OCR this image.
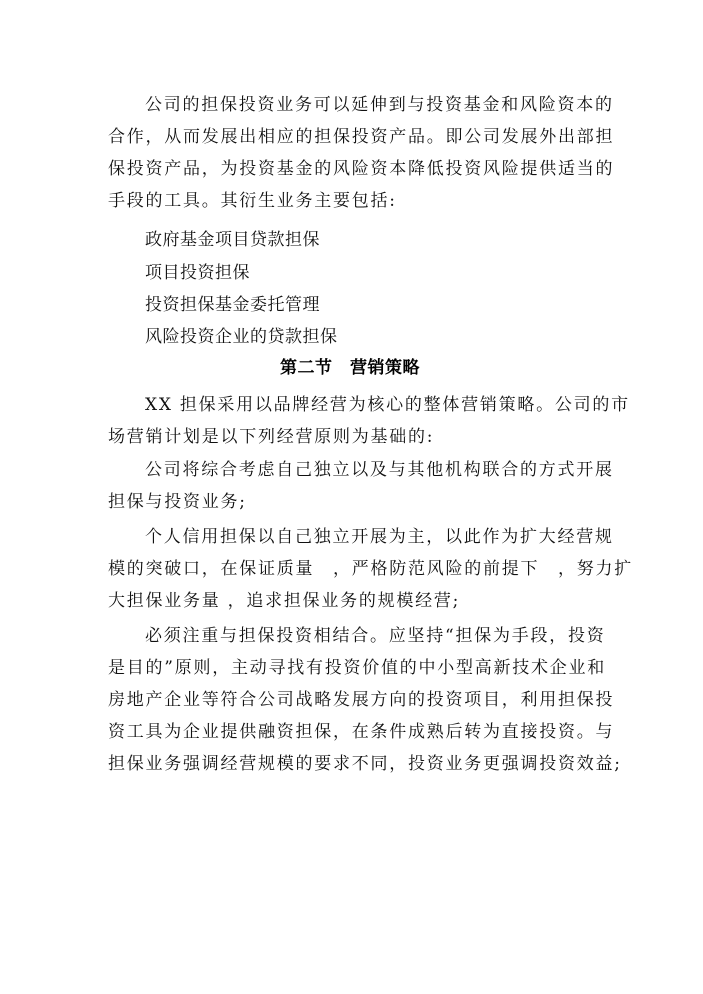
公司的担保投资业务可以延伸到与投资基金和风险资本的
合作，从而发展出相应的担保投资产品。即公司发展外出部担
保投资产品，为投资基金的风险资本降低投资风险提供适当的
手段的工具。其衍生业务主要包括:
政府基金项目贷款担保
项目投资担保
投资担保基金委托管理
风险投资企业的贷款担保
第二节　营销策略
XX 担保采用以品牌经营为核心的整体营销策略。公司的市
场营销计划是以下列经营原则为基础的:
公司将综合考虑自己独立以及与其他机构联合的方式开展
担保与投资业务;
个人信用担保以自己独立开展为主，以此作为扩大经营规
模的突破口，在保证质量　，严格防范风险的前提下　，努力扩
大担保业务量 ，追求担保业务的规模经营;
必须注重与担保投资相结合。应坚持“担保为手段，投资
是目的”原则，主动寻找有投资价值的中小型高新技术企业和
房地产企业等符合公司战略发展方向的投资项目，利用担保投
资工具为企业提供融资担保，在条件成熟后转为直接投资。与
担保业务强调经营规模的要求不同，投资业务更强调投资效益;
